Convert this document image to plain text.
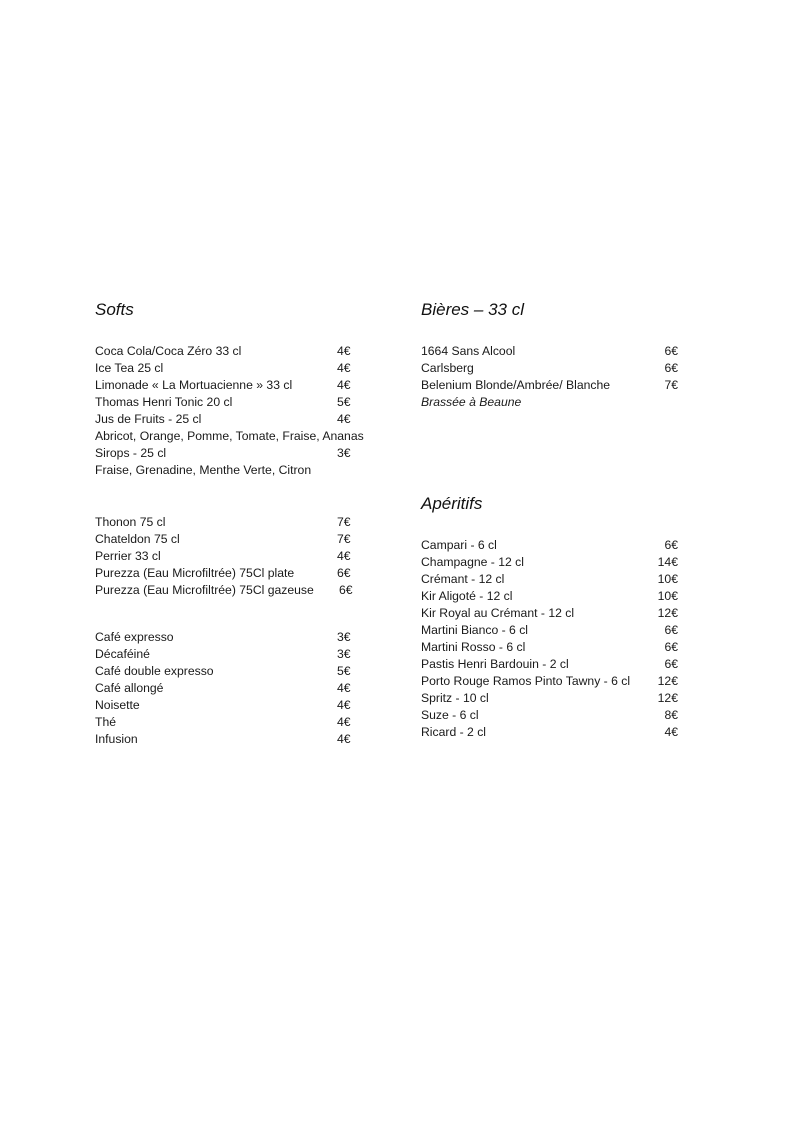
Softs
Coca Cola/Coca Zéro 33 cl	4€
Ice Tea 25 cl	4€
Limonade « La Mortuacienne » 33 cl	4€
Thomas Henri Tonic 20 cl	5€
Jus de Fruits - 25 cl	4€
Abricot, Orange, Pomme, Tomate, Fraise, Ananas
Sirops - 25 cl	3€
Fraise, Grenadine, Menthe Verte, Citron
Thonon 75 cl	7€
Chateldon 75 cl	7€
Perrier 33 cl	4€
Purezza (Eau Microfiltrée) 75Cl plate	6€
Purezza (Eau Microfiltrée) 75Cl gazeuse 6€
Café expresso	3€
Décaféiné	3€
Café double expresso	5€
Café allongé	4€
Noisette	4€
Thé	4€
Infusion	4€
Bières – 33 cl
1664 Sans Alcool	6€
Carlsberg	6€
Belenium Blonde/Ambrée/ Blanche	7€
Brassée à Beaune
Apéritifs
Campari - 6 cl	6€
Champagne - 12 cl	14€
Crémant - 12 cl	10€
Kir Aligoté - 12 cl	10€
Kir Royal au Crémant - 12 cl	12€
Martini Bianco - 6 cl	6€
Martini Rosso - 6 cl	6€
Pastis Henri Bardouin - 2 cl	6€
Porto Rouge Ramos Pinto Tawny - 6 cl 12€
Spritz - 10 cl	12€
Suze - 6 cl	8€
Ricard - 2 cl	4€
